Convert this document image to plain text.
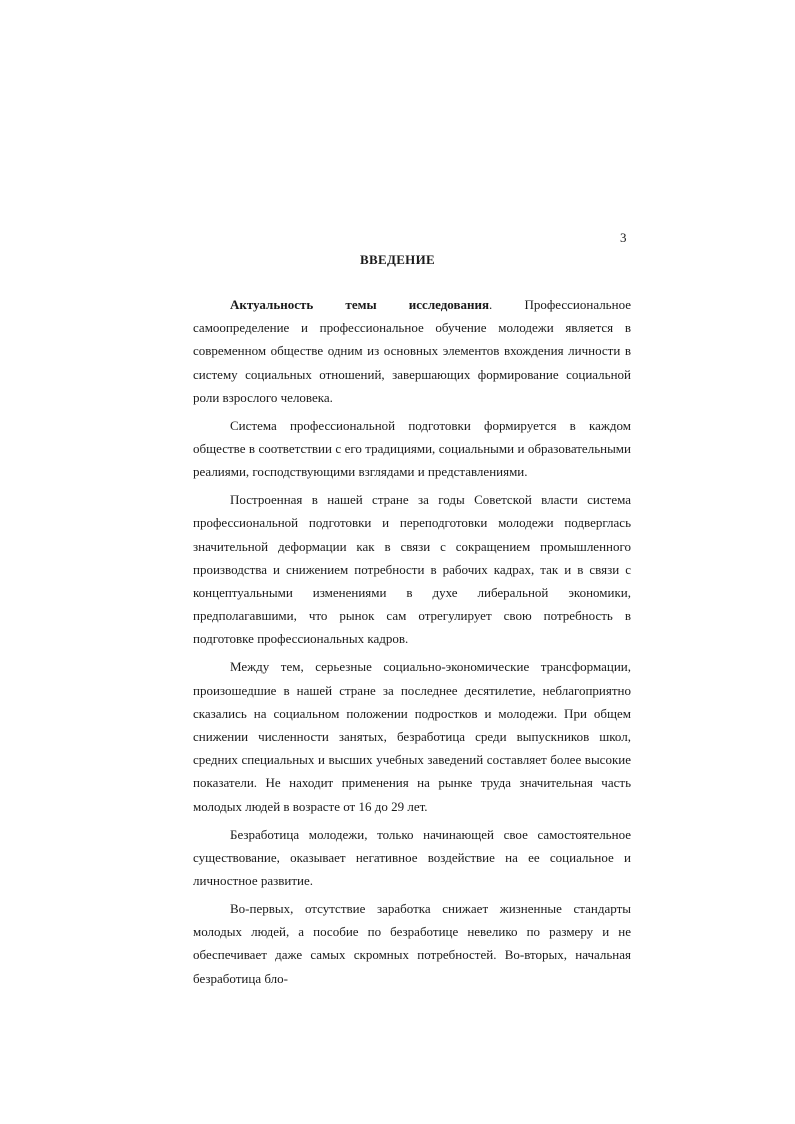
3
ВВЕДЕНИЕ

Актуальность темы исследования. Профессиональное самоопределение и профессиональное обучение молодежи является в современном обществе одним из основных элементов вхождения личности в систему социальных отношений, завершающих формирование социальной роли взрослого человека.

Система профессиональной подготовки формируется в каждом обществе в соответствии с его традициями, социальными и образовательными реалиями, господствующими взглядами и представлениями.

Построенная в нашей стране за годы Советской власти система профессиональной подготовки и переподготовки молодежи подверглась значительной деформации как в связи с сокращением промышленного производства и снижением потребности в рабочих кадрах, так и в связи с концептуальными изменениями в духе либеральной экономики, предполагавшими, что рынок сам отрегулирует свою потребность в подготовке профессиональных кадров.

Между тем, серьезные социально-экономические трансформации, произошедшие в нашей стране за последнее десятилетие, неблагоприятно сказались на социальном положении подростков и молодежи. При общем снижении численности занятых, безработица среди выпускников школ, средних специальных и высших учебных заведений составляет более высокие показатели. Не находит применения на рынке труда значительная часть молодых людей в возрасте от 16 до 29 лет.

Безработица молодежи, только начинающей свое самостоятельное существование, оказывает негативное воздействие на ее социальное и личностное развитие.

Во-первых, отсутствие заработка снижает жизненные стандарты молодых людей, а пособие по безработице невелико по размеру и не обеспечивает даже самых скромных потребностей. Во-вторых, начальная безработица бло-
